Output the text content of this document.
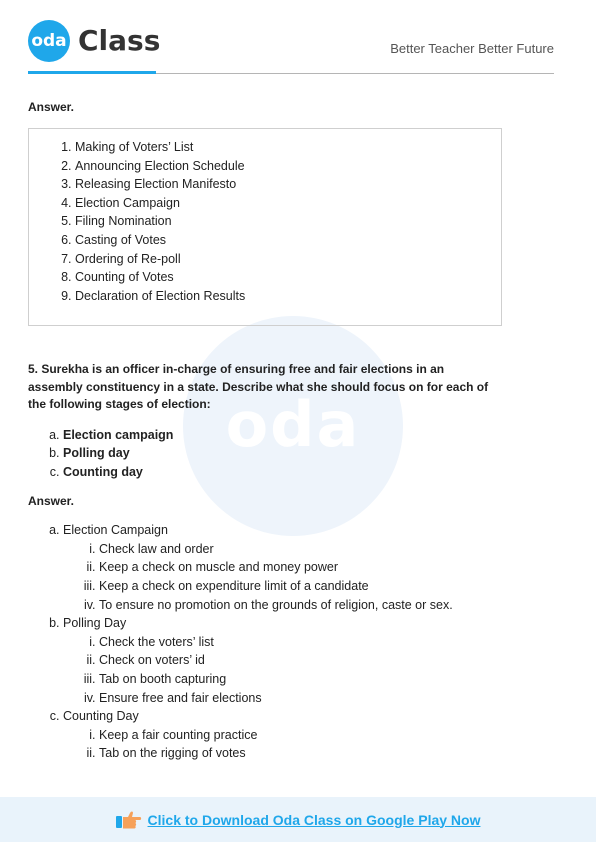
oda
oda Class	Better Teacher Better Future

Answer.

1. Making of Voters’ List
2. Announcing Election Schedule
3. Releasing Election Manifesto
4. Election Campaign
5. Filing Nomination
6. Casting of Votes
7. Ordering of Re-poll
8. Counting of Votes
9. Declaration of Election Results

5. Surekha is an officer in-charge of ensuring free and fair elections in an assembly constituency in a state. Describe what she should focus on for each of the following stages of election:

a. Election campaign
b. Polling day
c. Counting day

Answer.

a. Election Campaign
i. Check law and order
ii. Keep a check on muscle and money power
iii. Keep a check on expenditure limit of a candidate
iv. To ensure no promotion on the grounds of religion, caste or sex.
b. Polling Day
i. Check the voters’ list
ii. Check on voters’ id
iii. Tab on booth capturing
iv. Ensure free and fair elections
c. Counting Day
i. Keep a fair counting practice
ii. Tab on the rigging of votes
Click to Download Oda Class on Google Play Now
